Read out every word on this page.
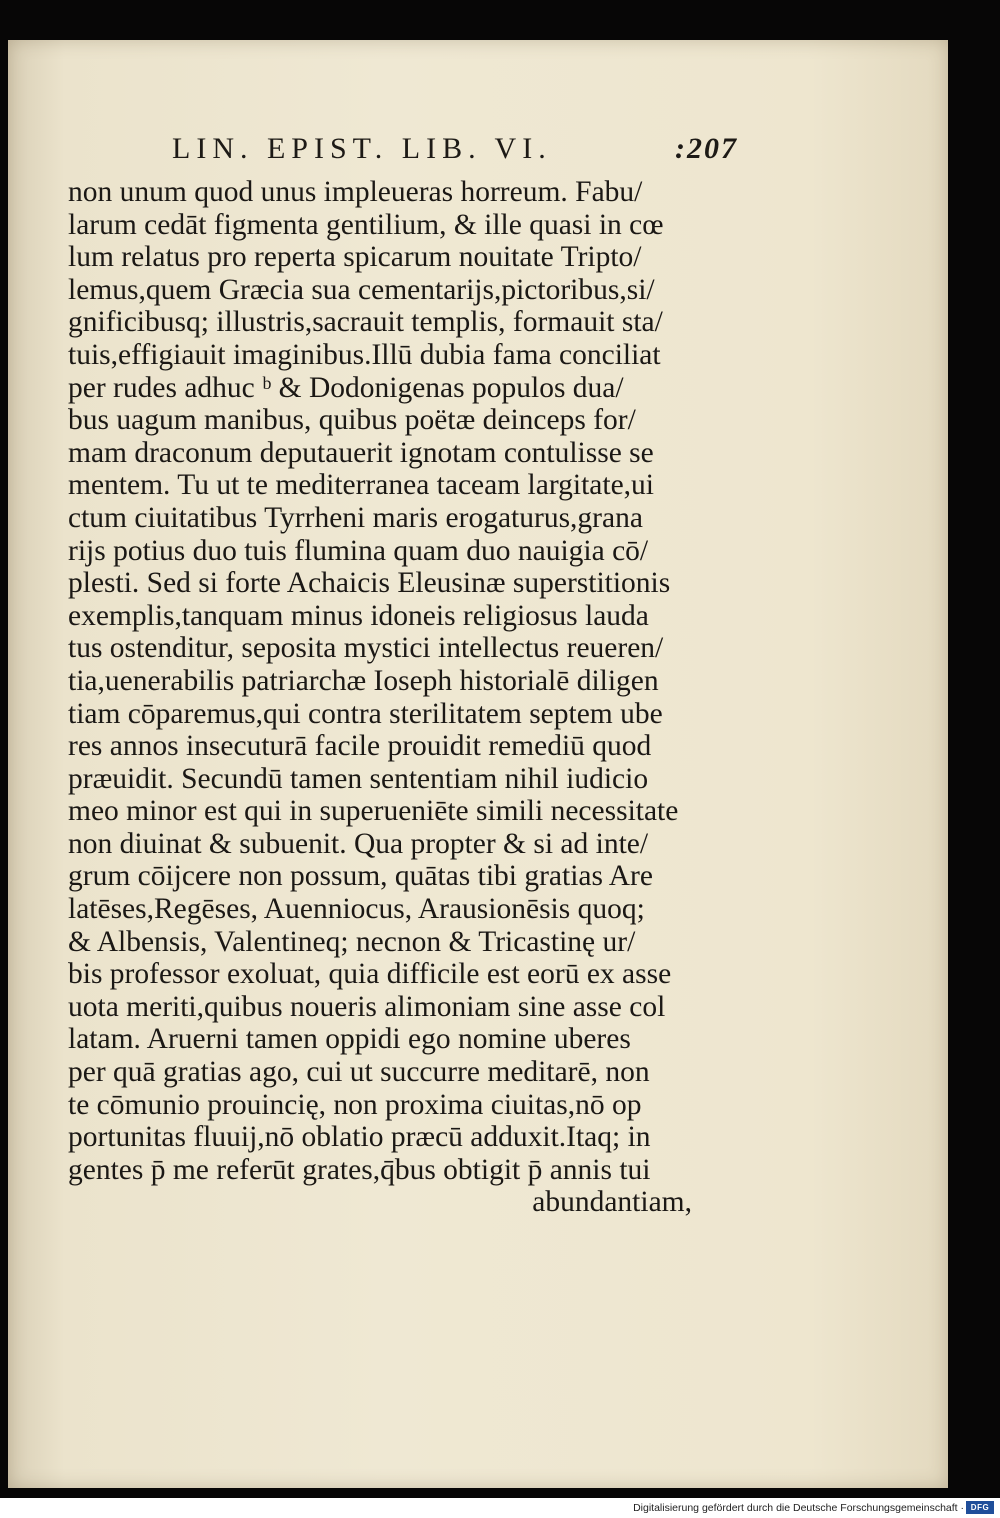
LIN. EPIST. LIB. VI.	:207
non unum quod unus impleueras horreum. Fabu/
larum cedāt figmenta gentilium, & ille quasi in cœ
lum relatus pro reperta spicarum nouitate Tripto/
lemus,quem Græcia sua cementarijs,pictoribus,si/
gnificibusq; illustris,sacrauit templis, formauit sta/
tuis,effigiauit imaginibus.Illū dubia fama conciliat
per rudes adhuc ᵇ & Dodonigenas populos dua/
bus uagum manibus, quibus poëtæ deinceps for/
mam draconum deputauerit ignotam contulisse se
mentem. Tu ut te mediterranea taceam largitate,ui
ctum ciuitatibus Tyrrheni maris erogaturus,grana
rijs potius duo tuis flumina quam duo nauigia cō/
plesti. Sed si forte Achaicis Eleusinæ superstitionis
exemplis,tanquam minus idoneis religiosus lauda
tus ostenditur, seposita mystici intellectus reueren/
tia,uenerabilis patriarchæ Ioseph historialē diligen
tiam cōparemus,qui contra sterilitatem septem ube
res annos insecuturā facile prouidit remediū quod
præuidit. Secundū tamen sententiam nihil iudicio
meo minor est qui in superueniēte simili necessitate
non diuinat & subuenit. Qua propter & si ad inte/
grum cōijcere non possum, quātas tibi gratias Are
latēses,Regēses, Auenniocus, Arausionēsis quoq;
& Albensis, Valentineq; necnon & Tricastinę ur/
bis professor exoluat, quia difficile est eorū ex asse
uota meriti,quibus noueris alimoniam sine asse col
latam. Aruerni tamen oppidi ego nomine uberes
per quā gratias ago, cui ut succurre meditarē, non
te cōmunio prouincię, non proxima ciuitas,nō op
portunitas fluuij,nō oblatio præcū adduxit.Itaq; in
gentes p̄ me referūt grates,q̄bus obtigit p̄ annis tui
abundantiam,
Digitalisierung gefördert durch die Deutsche Forschungsgemeinschaft · DFG
